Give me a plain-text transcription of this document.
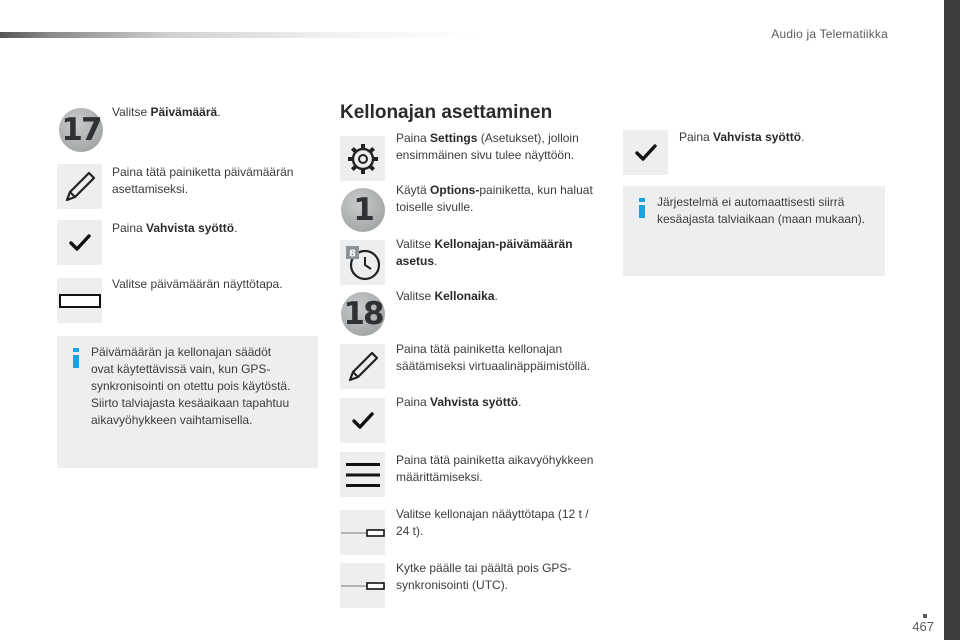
Audio ja Telematiikka
17 Valitse Päivämäärä.
Paina tätä painiketta päivämäärän asettamiseksi.
Paina Vahvista syöttö.
Valitse päivämäärän näyttötapa.
Päivämäärän ja kellonajan säädöt
ovat käytettävissä vain, kun GPS-
synkronisointi on otettu pois käytöstä.
Siirto talviajasta kesäaikaan tapahtuu
aikavyöhykkeen vaihtamisella.
Kellonajan asettaminen
Paina Settings (Asetukset), jolloin
ensimmäinen sivu tulee näyttöön.
1
Käytä Options-painiketta, kun haluat
toiselle sivulle.
8
Valitse Kellonajan-päivämäärän
asetus.
18 Valitse Kellonaika.
Paina tätä painiketta kellonajan
säätämiseksi virtuaalinäppäimistöllä.
Paina Vahvista syöttö.
Paina tätä painiketta aikavyöhykkeen
määrittämiseksi.
Valitse kellonajan nääyttötapa (12 t /
24 t).
Kytke päälle tai päältä pois GPS-
synkronisointi (UTC).
Paina Vahvista syöttö.
Järjestelmä ei automaattisesti siirrä
kesäajasta talviaikaan (maan mukaan).
467
